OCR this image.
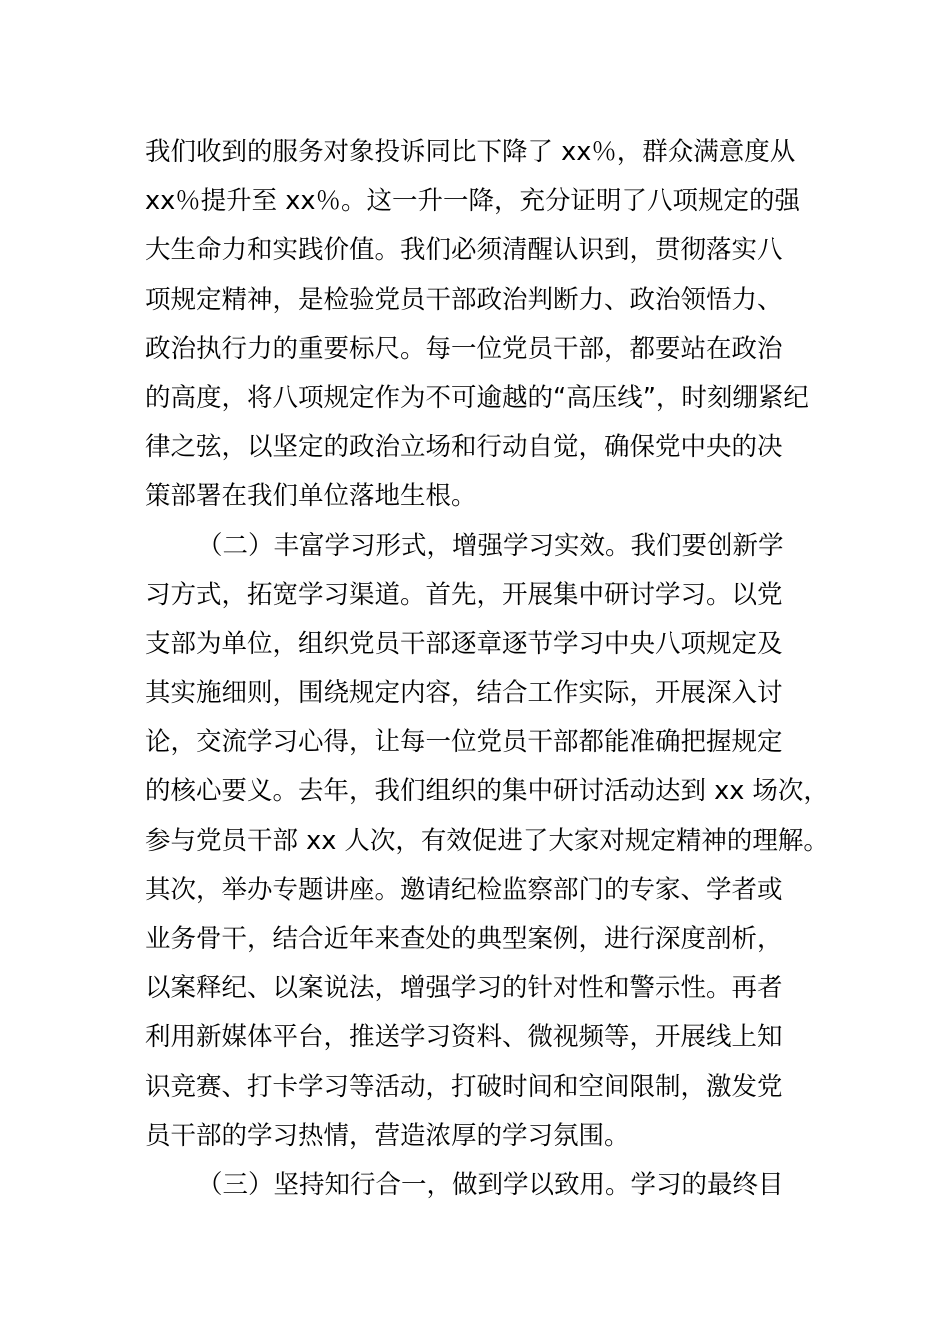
我们收到的服务对象投诉同比下降了 xx％，群众满意度从
xx％提升至 xx％。这一升一降，充分证明了八项规定的强
大生命力和实践价值。我们必须清醒认识到，贯彻落实八
项规定精神，是检验党员干部政治判断力、政治领悟力、
政治执行力的重要标尺。每一位党员干部，都要站在政治
的高度，将八项规定作为不可逾越的“高压线”，时刻绷紧纪
律之弦，以坚定的政治立场和行动自觉，确保党中央的决
策部署在我们单位落地生根。
（二）丰富学习形式，增强学习实效。我们要创新学
习方式，拓宽学习渠道。首先，开展集中研讨学习。以党
支部为单位，组织党员干部逐章逐节学习中央八项规定及
其实施细则，围绕规定内容，结合工作实际，开展深入讨
论，交流学习心得，让每一位党员干部都能准确把握规定
的核心要义。去年，我们组织的集中研讨活动达到 xx 场次，
参与党员干部 xx 人次，有效促进了大家对规定精神的理解。
其次，举办专题讲座。邀请纪检监察部门的专家、学者或
业务骨干，结合近年来查处的典型案例，进行深度剖析，
以案释纪、以案说法，增强学习的针对性和警示性。再者
利用新媒体平台，推送学习资料、微视频等，开展线上知
识竞赛、打卡学习等活动，打破时间和空间限制，激发党
员干部的学习热情，营造浓厚的学习氛围。
（三）坚持知行合一，做到学以致用。学习的最终目
